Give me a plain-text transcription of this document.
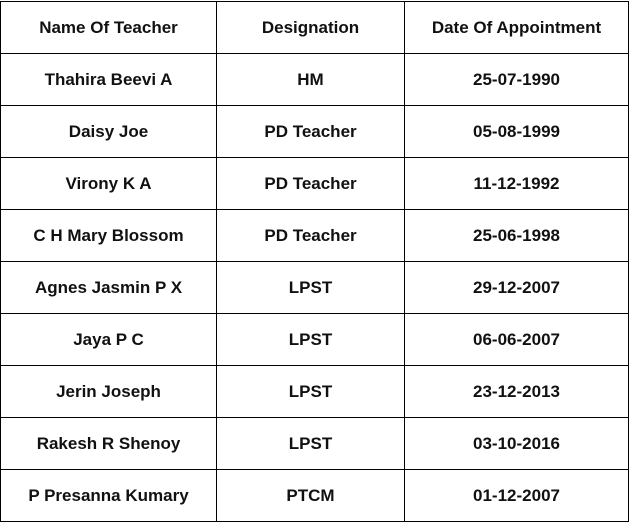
Name Of Teacher	Designation	Date Of Appointment
Thahira Beevi A	HM	25-07-1990
Daisy Joe	PD Teacher	05-08-1999
Virony K A	PD Teacher	11-12-1992
C H Mary Blossom	PD Teacher	25-06-1998
Agnes Jasmin P X	LPST	29-12-2007
Jaya P C	LPST	06-06-2007
Jerin Joseph	LPST	23-12-2013
Rakesh R Shenoy	LPST	03-10-2016
P Presanna Kumary	PTCM	01-12-2007
